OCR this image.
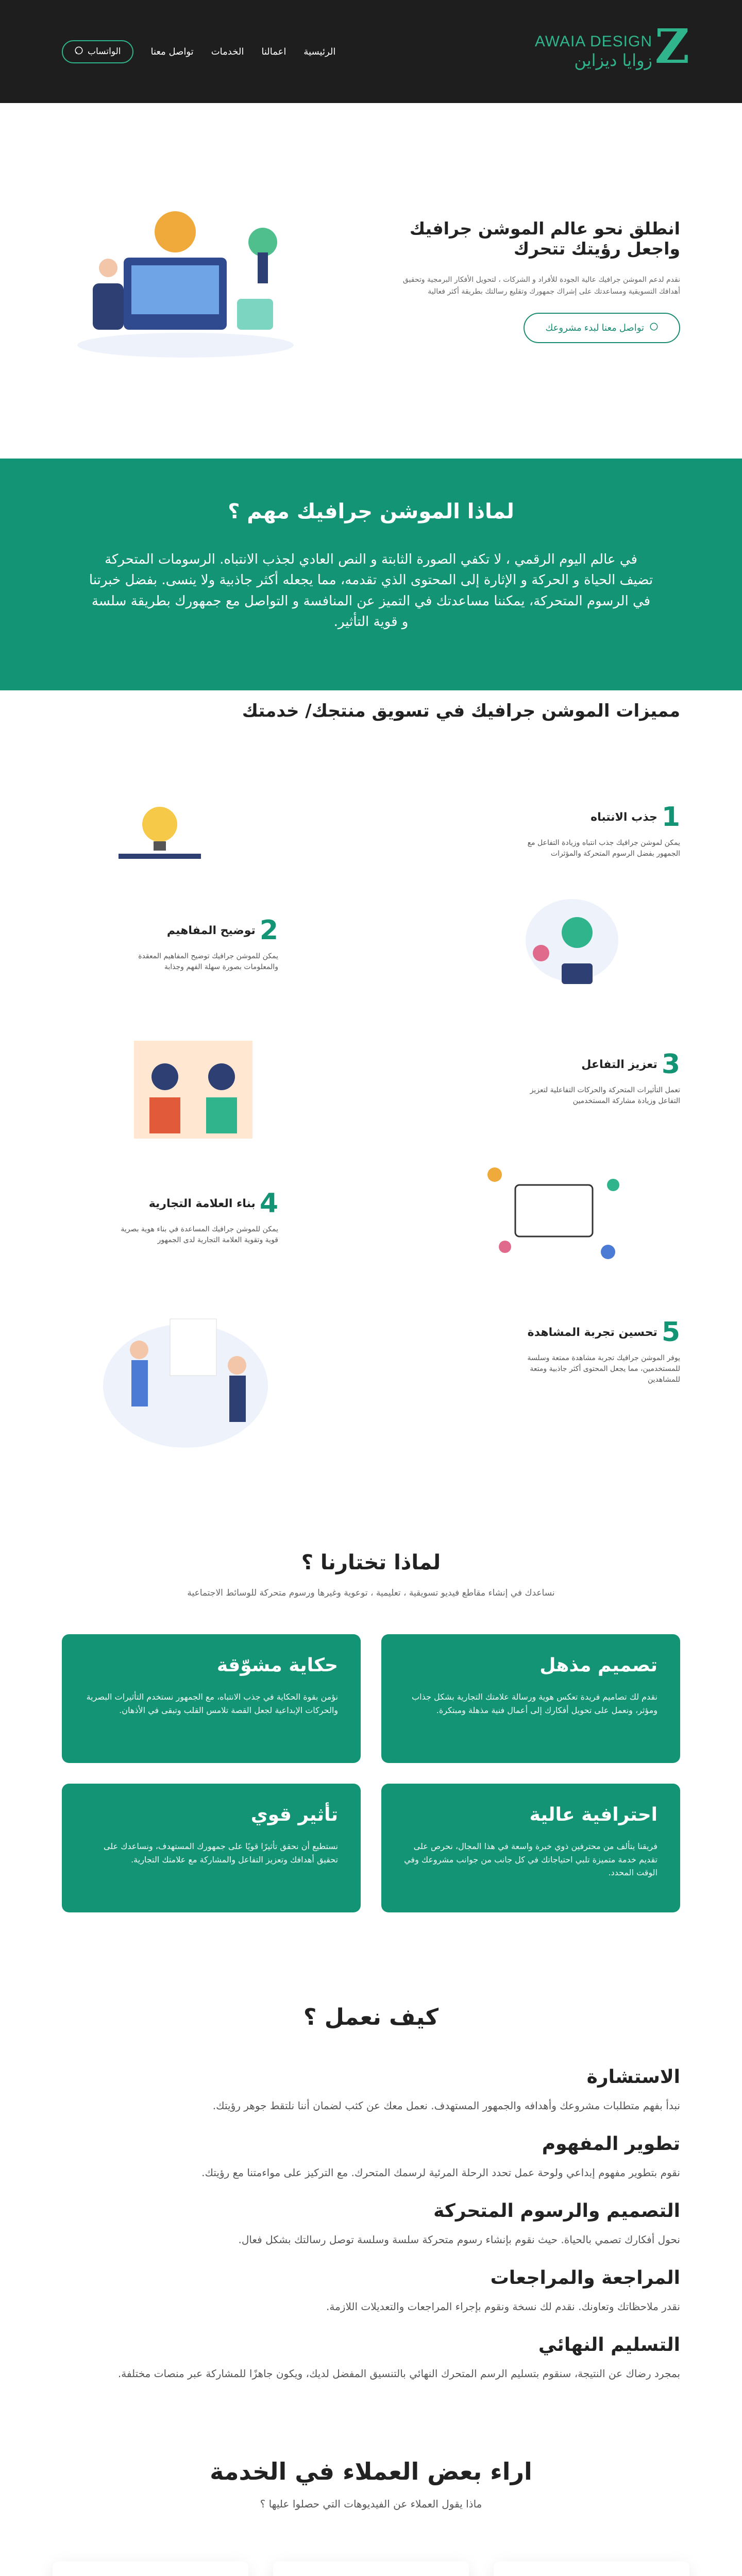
Z
AWAIA DESIGN
زوايا ديزاين
الرئيسية
اعمالنا
الخدمات
تواصل معنا
الواتساب
انطلق نحو عالم الموشن جرافيك واجعل رؤيتك تتحرك

نقدم لدعم الموشن جرافيك عالية الجودة للأفراد و الشركات ، لتحويل الأفكار البرمجية وتحقيق أهدافك التسويقية ومساعدتك على إشراك جمهورك وتقليع رسالتك بطريقة أكثر فعالية

تواصل معنا لبدء مشروعك
لماذا الموشن جرافيك مهم ؟

في عالم اليوم الرقمي ، لا تكفي الصورة الثابتة و النص العادي لجذب الانتباه. الرسومات المتحركة تضيف الحياة و الحركة و الإثارة إلى المحتوى الذي تقدمه، مما يجعله أكثر جاذبية ولا ينسى. بفضل خبرتنا في الرسوم المتحركة، يمكننا مساعدتك في التميز عن المنافسة و التواصل مع جمهورك بطريقة سلسة و قوية التأثير.

مميزات الموشن جرافيك في تسويق منتجك/ خدمتك
1
جذب الانتباه

يمكن لموشن جرافيك جذب انتباه وزيادة التفاعل مع الجمهور بفضل الرسوم المتحركة والمؤثرات

2
توضيح المفاهيم

يمكن للموشن جرافيك توضيح المفاهيم المعقدة والمعلومات بصورة سهلة الفهم وجذابة

3
تعزيز التفاعل

تعمل التأثيرات المتحركة والحركات التفاعلية لتعزيز التفاعل وزيادة مشاركة المستخدمين

4
بناء العلامة التجارية

يمكن للموشن جرافيك المساعدة في بناء هوية بصرية قوية وتقوية العلامة التجارية لدى الجمهور

5
تحسين تجربة المشاهدة

يوفر الموشن جرافيك تجربة مشاهدة ممتعة وسلسة للمستخدمين، مما يجعل المحتوى أكثر جاذبية ومتعة للمشاهدين

لماذا تختارنا ؟

نساعدك في إنشاء مقاطع فيديو تسويقية ، تعليمية ، توعوية وغيرها ورسوم متحركة للوسائط الاجتماعية

تصميم مذهل

نقدم لك تصاميم فريدة تعكس هوية ورسالة علامتك التجارية بشكل جذاب ومؤثر، ونعمل على تحويل أفكارك إلى أعمال فنية مذهلة ومبتكرة.

حكاية مشوّقة

نؤمن بقوة الحكاية في جذب الانتباه، مع الجمهور نستخدم التأثيرات البصرية والحركات الإبداعية لجعل القصة تلامس القلب وتبقى في الأذهان.

احترافية عالية

فريقنا يتألف من محترفين ذوي خبرة واسعة في هذا المجال، نحرص على تقديم خدمة متميزة تلبي احتياجاتك في كل جانب من جوانب مشروعك وفي الوقت المحدد.

تأثير قوي

نستطيع أن نحقق تأثيرًا قويًا على جمهورك المستهدف، ونساعدك على تحقيق أهدافك وتعزيز التفاعل والمشاركة مع علامتك التجارية.

كيف نعمل ؟
الاستشارة

نبدأ بفهم متطلبات مشروعك وأهدافه والجمهور المستهدف. نعمل معك عن كثب لضمان أننا نلتقط جوهر رؤيتك.

تطوير المفهوم

نقوم بتطوير مفهوم إبداعي ولوحة عمل تحدد الرحلة المرئية لرسمك المتحرك. مع التركيز على مواءمتنا مع رؤيتك.

التصميم والرسوم المتحركة

نحول أفكارك تصمي بالحياة. حيث نقوم بإنشاء رسوم متحركة سلسة وسلسة توصل رسالتك بشكل فعال.

المراجعة والمراجعات

نقدر ملاحظاتك وتعاونك. نقدم لك نسخة ونقوم بإجراء المراجعات والتعديلات اللازمة.

التسليم النهائي

بمجرد رضاك عن النتيجة، سنقوم بتسليم الرسم المتحرك النهائي بالتنسيق المفضل لديك، ويكون جاهزًا للمشاركة عبر منصات مختلفة.

اراء بعض العملاء في الخدمة

ماذا يقول العملاء عن الفيديوهات التي حصلوا عليها ؟
